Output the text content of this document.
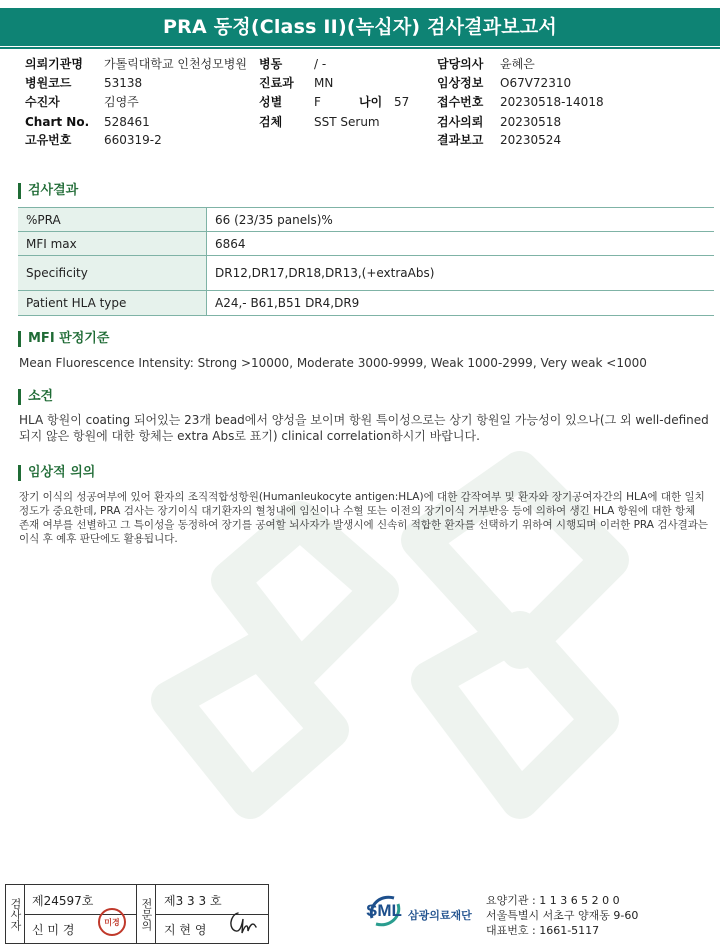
PRA 동정(Class II)(녹십자) 검사결과보고서
의뢰기관명 가톨릭대학교 인천성모병원 병동	/ -	담당의사 윤혜은
병원코드	53138	진료과 MN	임상정보 O67V72310
수진자	김영주	성별	F	나이 57 접수번호 20230518-14018
Chart No. 528461	검체	SST Serum	검사의뢰 20230518
고유번호	660319-2	결과보고 20230524
검사결과
%PRA	66 (23/35 panels)%
MFI max	6864
Specificity	DR12,DR17,DR18,DR13,(+extraAbs)
Patient HLA type	A24,- B61,B51 DR4,DR9
MFI 판정기준
Mean Fluorescence Intensity: Strong >10000, Moderate 3000-9999, Weak 1000-2999, Very weak <1000
소견
HLA 항원이 coating 되어있는 23개 bead에서 양성을 보이며 항원 특이성으로는 상기 항원일 가능성이 있으나(그 외 well-defined
되지 않은 항원에 대한 항체는 extra Abs로 표기) clinical correlation하시기 바랍니다.
임상적 의의
장기 이식의 성공여부에 있어 환자의 조직적합성항원(Humanleukocyte antigen:HLA)에 대한 감작여부 및 환자와 장기공여자간의 HLA에 대한 일치
정도가 중요한데, PRA 검사는 장기이식 대기환자의 혈청내에 임신이나 수혈 또는 이전의 장기이식 거부반응 등에 의하여 생긴 HLA 항원에 대한 항체
존재 여부를 선별하고 그 특이성을 동정하여 장기를 공여할 뇌사자가 발생시에 신속히 적합한 환자를 선택하기 위하여 시행되며 이러한 PRA 검사결과는
이식 후 예후 판단에도 활용됩니다.
검사자 제24597호
신 미 경
미경 전문의 제3 3 3 호
지 현 영
SML 삼광의료재단
요양기관 : 1 1 3 6 5 2 0 0
서울특별시 서초구 양재동 9-60
대표번호 : 1661-5117
